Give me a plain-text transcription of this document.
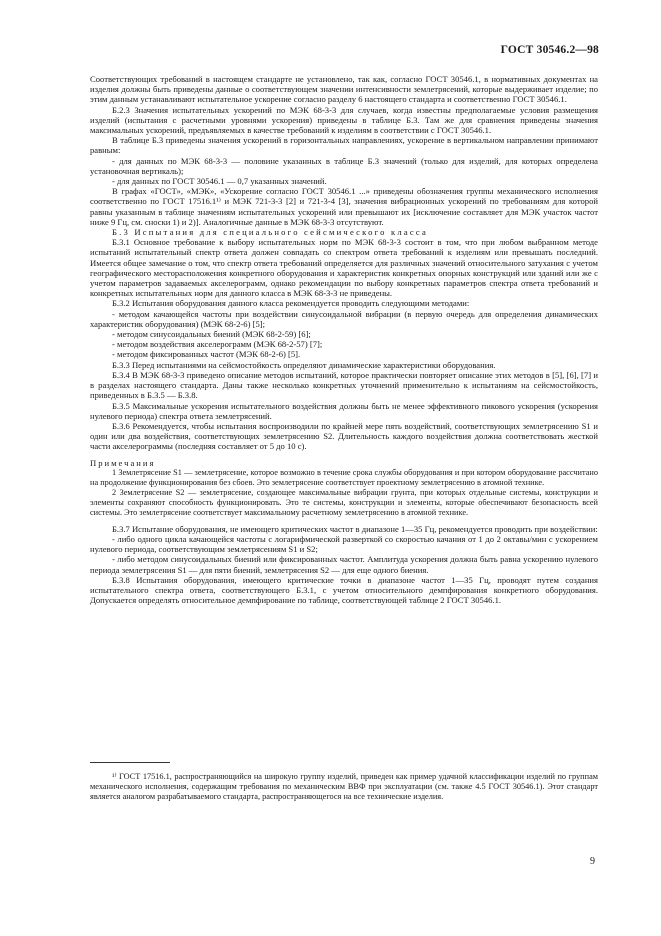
ГОСТ 30546.2—98

Соответствующих требований в настоящем стандарте не установлено, так как, согласно ГОСТ 30546.1, в нормативных документах на изделия должны быть приведены данные о соответствующем значении интенсивности землетрясений, которые выдерживает изделие; по этим данным устанавливают испытательное ускорение согласно разделу 6 настоящего стандарта и соответственно ГОСТ 30546.1.

Б.2.3 Значения испытательных ускорений по МЭК 68-3-3 для случаев, когда известны предполагаемые условия размещения изделий (испытания с расчетными уровнями ускорения) приведены в таблице Б.3. Там же для сравнения приведены значения максимальных ускорений, предъявляемых в качестве требований к изделиям в соответствии с ГОСТ 30546.1.

В таблице Б.3 приведены значения ускорений в горизонтальных направлениях, ускорение в вертикальном направлении принимают равным:

- для данных по МЭК 68-3-3 — половине указанных в таблице Б.3 значений (только для изделий, для которых определена установочная вертикаль);

- для данных по ГОСТ 30546.1 — 0,7 указанных значений.

В графах «ГОСТ», «МЭК», «Ускорение согласно ГОСТ 30546.1 ...» приведены обозначения группы механического исполнения соответственно по ГОСТ 17516.1¹⁾ и МЭК 721-3-3 [2] и 721-3-4 [3], значения вибрационных ускорений по требованиям для которой равны указанным в таблице значениям испытательных ускорений или превышают их [исключение составляет для МЭК участок частот ниже 9 Гц, см. сноски 1) и 2)]. Аналогичные данные в МЭК 68-3-3 отсутствуют.

Б.3 Испытания для специального сейсмического класса

Б.3.1 Основное требование к выбору испытательных норм по МЭК 68-3-3 состоит в том, что при любом выбранном методе испытаний испытательный спектр ответа должен совпадать со спектром ответа требований к изделиям или превышать последний. Имеется общее замечание о том, что спектр ответа требований определяется для различных значений относительного затухания с учетом географического месторасположения конкретного оборудования и характеристик конкретных опорных конструкций или зданий или же с учетом параметров задаваемых акселерограмм, однако рекомендации по выбору конкретных параметров спектра ответа требований и конкретных испытательных норм для данного класса в МЭК 68-3-3 не приведены.

Б.3.2 Испытания оборудования данного класса рекомендуется проводить следующими методами:

- методом качающейся частоты при воздействии синусоидальной вибрации (в первую очередь для определения динамических характеристик оборудования) (МЭК 68-2-6) [5];

- методом синусоидальных биений (МЭК 68-2-59) [6];

- методом воздействия акселерограмм (МЭК 68-2-57) [7];

- методом фиксированных частот (МЭК 68-2-6) [5].

Б.3.3 Перед испытаниями на сейсмостойкость определяют динамические характеристики оборудования.

Б.3.4 В МЭК 68-3-3 приведено описание методов испытаний, которое практически повторяет описание этих методов в [5], [6], [7] и в разделах настоящего стандарта. Даны также несколько конкретных уточнений применительно к испытаниям на сейсмостойкость, приведенных в Б.3.5 — Б.3.8.

Б.3.5 Максимальные ускорения испытательного воздействия должны быть не менее эффективного пикового ускорения (ускорения нулевого периода) спектра ответа землетрясений.

Б.3.6 Рекомендуется, чтобы испытания воспроизводили по крайней мере пять воздействий, соответствующих землетрясению S1 и один или два воздействия, соответствующих землетрясению S2. Длительность каждого воздействия должна соответствовать жесткой части акселерограммы (последняя составляет от 5 до 10 с).

Примечания

1 Землетрясение S1 — землетрясение, которое возможно в течение срока службы оборудования и при котором оборудование рассчитано на продолжение функционирования без сбоев. Это землетрясение соответствует проектному землетрясению в атомной технике.

2 Землетрясение S2 — землетрясение, создающее максимальные вибрации грунта, при которых отдельные системы, конструкции и элементы сохраняют способность функционировать. Это те системы, конструкции и элементы, которые обеспечивают безопасность всей системы. Это землетрясение соответствует максимальному расчетному землетрясению в атомной технике.

Б.3.7 Испытание оборудования, не имеющего критических частот в диапазоне 1—35 Гц, рекомендуется проводить при воздействии:

- либо одного цикла качающейся частоты с логарифмической разверткой со скоростью качания от 1 до 2 октавы/мин с ускорением нулевого периода, соответствующим землетрясениям S1 и S2;

- либо методом синусоидальных биений или фиксированных частот. Амплитуда ускорения должна быть равна ускорению нулевого периода землетрясения S1 — для пяти биений, землетрясения S2 — для еще одного биения.

Б.3.8 Испытания оборудования, имеющего критические точки в диапазоне частот 1—35 Гц, проводят путем создания испытательного спектра ответа, соответствующего Б.3.1, с учетом относительного демпфирования конкретного оборудования. Допускается определять относительное демпфирование по таблице, соответствующей таблице 2 ГОСТ 30546.1.

¹⁾ ГОСТ 17516.1, распространяющийся на широкую группу изделий, приведен как пример удачной классификации изделий по группам механического исполнения, содержащим требования по механическим ВВФ при эксплуатации (см. также 4.5 ГОСТ 30546.1). Этот стандарт является аналогом разрабатываемого стандарта, распространяющегося на все технические изделия.
9
